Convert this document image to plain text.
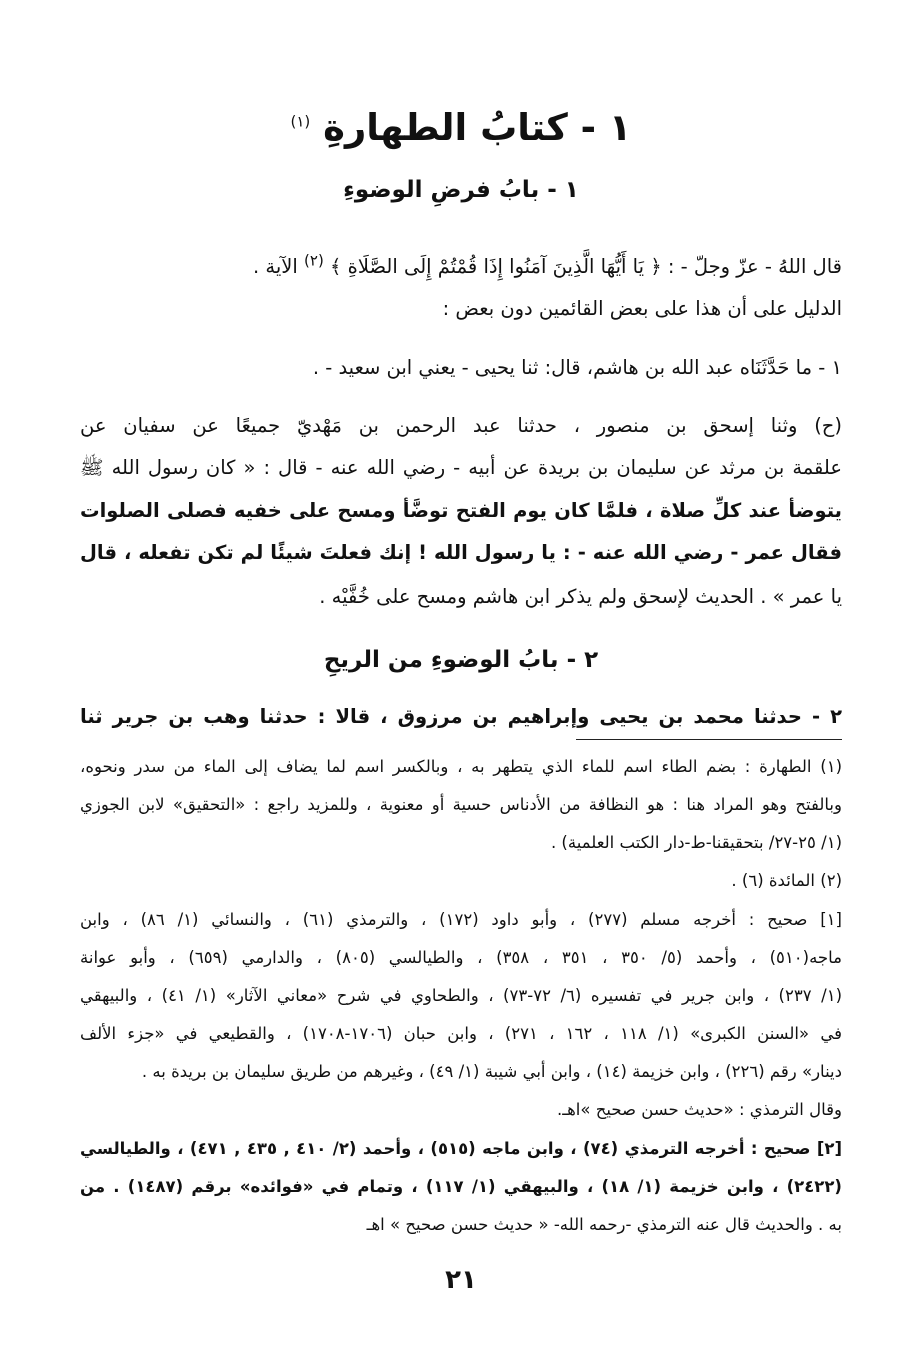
١ - كتابُ الطهارةِ $^{(١)}$
١ - بابُ فرضِ الوضوءِ
قال اللهُ - عزّ وجلّ - : ﴿ يَا أَيُّهَا الَّذِينَ آمَنُوا إِذَا قُمْتُمْ إِلَى الصَّلَاةِ ﴾ $^{(٢)}$ الآية .
الدليل على أن هذا على بعض القائمين دون بعض :
١ - ما حَدَّثَنَاه عبد الله بن هاشم، قال: ثنا يحيى - يعني ابن سعيد - .
(ح) وثنا إسحق بن منصور ، حدثنا عبد الرحمن بن مَهْديّ جميعًا عن سفيان عن
علقمة بن مرثد عن سليمان بن بريدة عن أبيه - رضي الله عنه - قال : « كان رسول الله ﷺ
يتوضأ عند كلِّ صلاة ، فلمَّا كان يوم الفتح توضَّأ ومسح على خفيه فصلى الصلوات
فقال عمر - رضي الله عنه - : يا رسول الله ! إنك فعلتَ شيئًا لم تكن تفعله ، قال
يا عمر » . الحديث لإسحق ولم يذكر ابن هاشم ومسح على خُفَّيْه .
٢ - بابُ الوضوءِ من الريحِ
٢ - حدثنا محمد بن يحيى وإبراهيم بن مرزوق ، قالا : حدثنا وهب بن جرير ثنا
(١) الطهارة : بضم الطاء اسم للماء الذي يتطهر به ، وبالكسر اسم لما يضاف إلى الماء من سدر ونحوه،
وبالفتح وهو المراد هنا : هو النظافة من الأدناس حسية أو معنوية ، وللمزيد راجع : «التحقيق» لابن الجوزي
(١/ ٢٥-٢٧/ بتحقيقنا-ط-دار الكتب العلمية) .
(٢) المائدة (٦) .
[١] صحيح : أخرجه مسلم (٢٧٧) ، وأبو داود (١٧٢) ، والترمذي (٦١) ، والنسائي (١/ ٨٦) ، وابن
ماجه(٥١٠) ، وأحمد (٥/ ٣٥٠ ، ٣٥١ ، ٣٥٨) ، والطيالسي (٨٠٥) ، والدارمي (٦٥٩) ، وأبو عوانة
(١/ ٢٣٧) ، وابن جرير في تفسيره (٦/ ٧٢-٧٣) ، والطحاوي في شرح «معاني الآثار» (١/ ٤١) ، والبيهقي
في «السنن الكبرى» (١/ ١١٨ ، ١٦٢ ، ٢٧١) ، وابن حبان (١٧٠٦-١٧٠٨) ، والقطيعي في «جزء الألف
دينار» رقم (٢٢٦) ، وابن خزيمة (١٤) ، وابن أبي شيبة (١/ ٤٩) ، وغيرهم من طريق سليمان بن بريدة به .
وقال الترمذي : «حديث حسن صحيح »اهـ.
[٢] صحيح : أخرجه الترمذي (٧٤) ، وابن ماجه (٥١٥) ، وأحمد (٢/ ٤١٠ , ٤٣٥ , ٤٧١) ، والطيالسي
(٢٤٢٢) ، وابن خزيمة (١/ ١٨) ، والبيهقي (١/ ١١٧) ، وتمام في «فوائده» برقم (١٤٨٧) . من
به . والحديث قال عنه الترمذي -رحمه الله- « حديث حسن صحيح » اهـ
٢١
